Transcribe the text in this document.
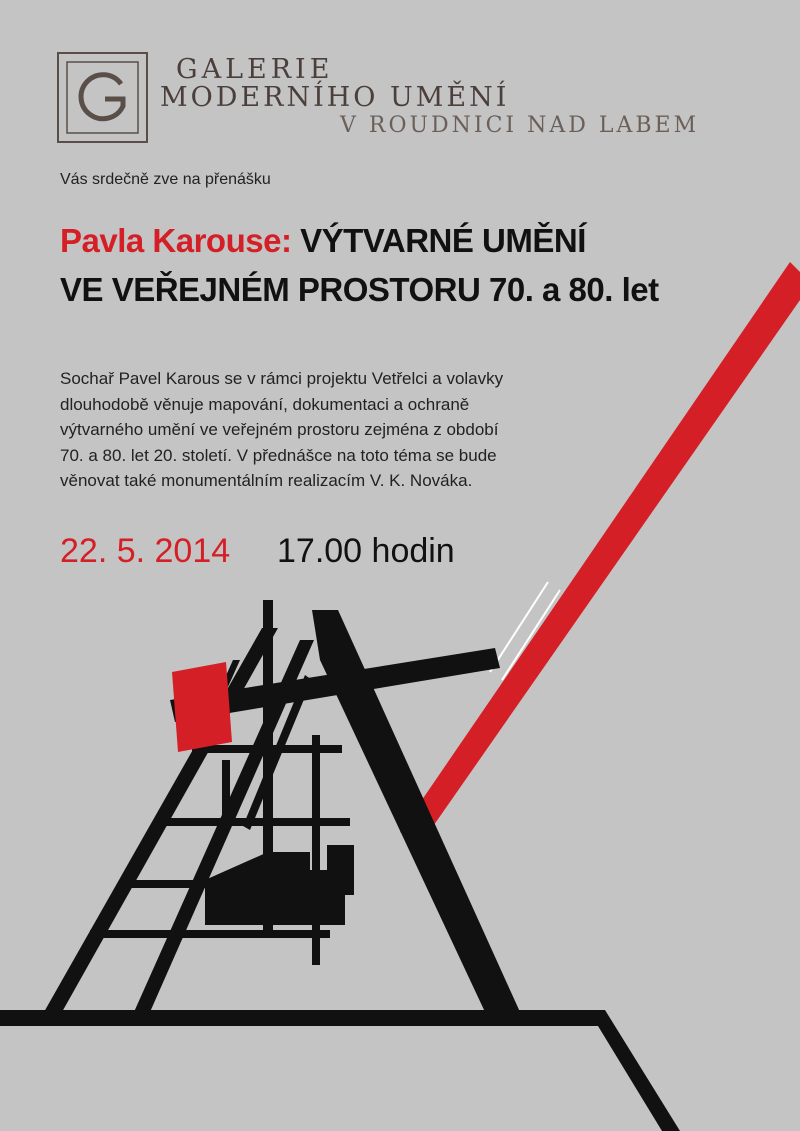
GALERIE

MODERNÍHO UMĚNÍ

V ROUDNICI NAD LABEM

Vás srdečně zve na přenášku

Pavla Karouse: VÝTVARNÉ UMĚNÍ
VE VEŘEJNÉM PROSTORU 70. a 80. let

Sochař Pavel Karous se v rámci projektu Vetřelci a volavky
dlouhodobě věnuje mapování, dokumentaci a ochraně
výtvarného umění ve veřejném prostoru zejména z období
70. a 80. let 20. století. V přednášce na toto téma se bude
věnovat také monumentálním realizacím V. K. Nováka.

22. 5. 2014 17.00 hodin
